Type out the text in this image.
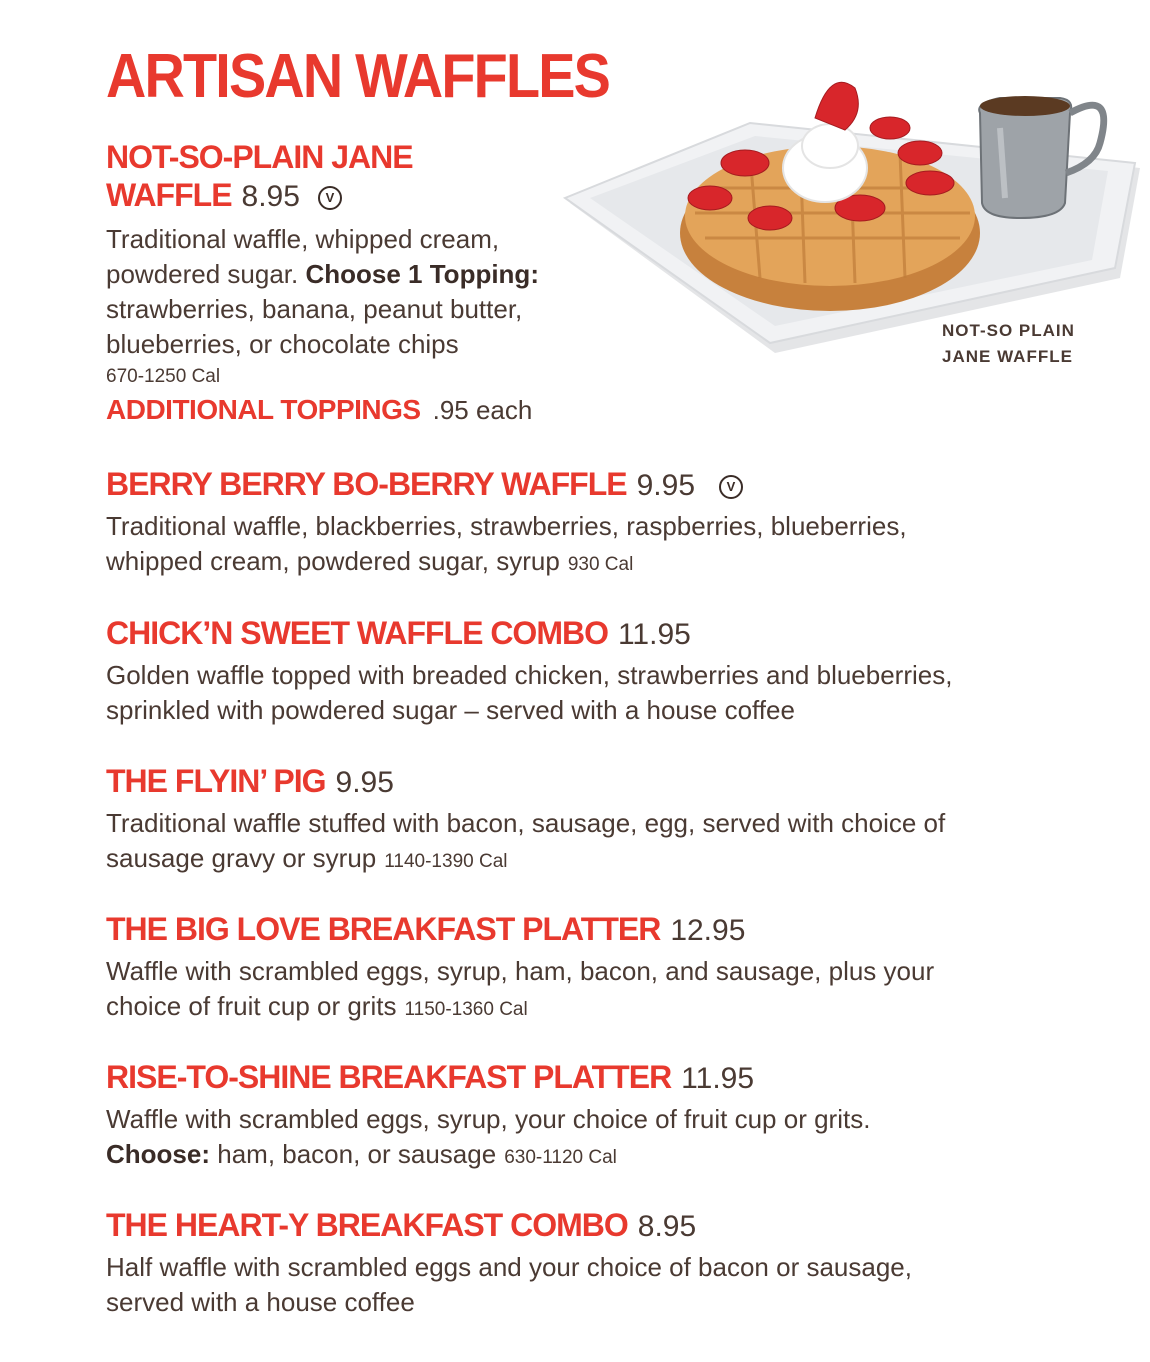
ARTISAN WAFFLES
NOT-SO-PLAIN JANE
WAFFLE 8.95 V
Traditional waffle, whipped cream,
powdered sugar. Choose 1 Topping:
strawberries, banana, peanut butter,
blueberries, or chocolate chips
670-1250 Cal
ADDITIONAL TOPPINGS .95 each
NOT-SO PLAIN
JANE WAFFLE
BERRY BERRY BO-BERRY WAFFLE 9.95 V
Traditional waffle, blackberries, strawberries, raspberries, blueberries,
whipped cream, powdered sugar, syrup 930 Cal
CHICK’N SWEET WAFFLE COMBO 11.95
Golden waffle topped with breaded chicken, strawberries and blueberries,
sprinkled with powdered sugar – served with a house coffee
THE FLYIN’ PIG 9.95
Traditional waffle stuffed with bacon, sausage, egg, served with choice of
sausage gravy or syrup 1140-1390 Cal
THE BIG LOVE BREAKFAST PLATTER 12.95
Waffle with scrambled eggs, syrup, ham, bacon, and sausage, plus your
choice of fruit cup or grits 1150-1360 Cal
RISE-TO-SHINE BREAKFAST PLATTER 11.95
Waffle with scrambled eggs, syrup, your choice of fruit cup or grits.
Choose: ham, bacon, or sausage 630-1120 Cal
THE HEART-Y BREAKFAST COMBO 8.95
Half waffle with scrambled eggs and your choice of bacon or sausage,
served with a house coffee
